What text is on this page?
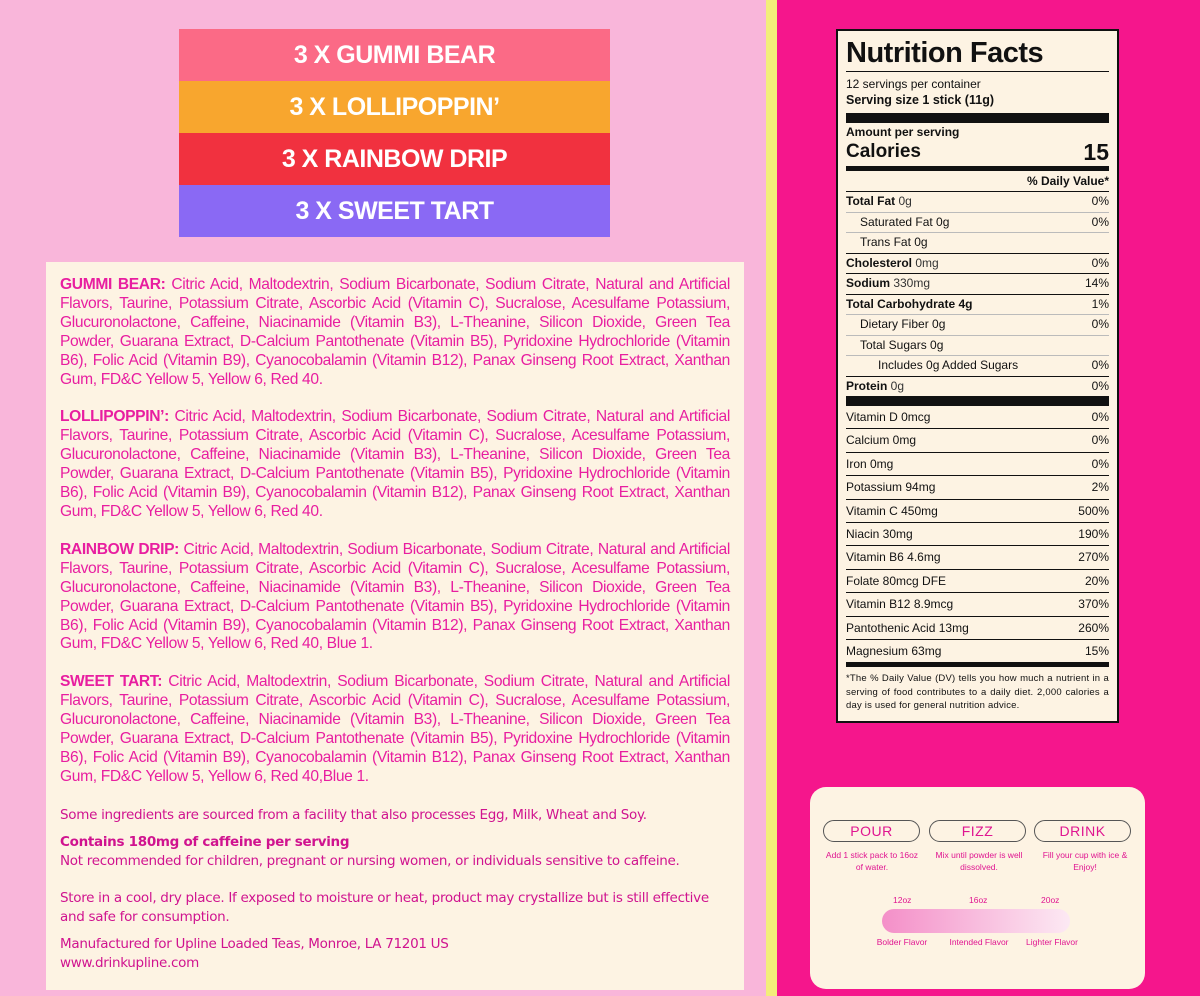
3 X GUMMI BEAR
3 X LOLLIPOPPIN’
3 X RAINBOW DRIP
3 X SWEET TART

GUMMI BEAR: Citric Acid, Maltodextrin, Sodium Bicarbonate, Sodium Citrate, Natural and Artificial Flavors, Taurine, Potassium Citrate, Ascorbic Acid (Vitamin C), Sucralose, Acesulfame Potassium, Glucuronolactone, Caffeine, Niacinamide (Vitamin B3), L-Theanine, Silicon Dioxide, Green Tea Powder, Guarana Extract, D-Calcium Pantothenate (Vitamin B5), Pyridoxine Hydrochloride (Vitamin B6), Folic Acid (Vitamin B9), Cyanocobalamin (Vitamin B12), Panax Ginseng Root Extract, Xanthan Gum, FD&C Yellow 5, Yellow 6, Red 40.

LOLLIPOPPIN’: Citric Acid, Maltodextrin, Sodium Bicarbonate, Sodium Citrate, Natural and Artificial Flavors, Taurine, Potassium Citrate, Ascorbic Acid (Vitamin C), Sucralose, Acesulfame Potassium, Glucuronolactone, Caffeine, Niacinamide (Vitamin B3), L-Theanine, Silicon Dioxide, Green Tea Powder, Guarana Extract, D-Calcium Pantothenate (Vitamin B5), Pyridoxine Hydrochloride (Vitamin B6), Folic Acid (Vitamin B9), Cyanocobalamin (Vitamin B12), Panax Ginseng Root Extract, Xanthan Gum, FD&C Yellow 5, Yellow 6, Red 40.

RAINBOW DRIP: Citric Acid, Maltodextrin, Sodium Bicarbonate, Sodium Citrate, Natural and Artificial Flavors, Taurine, Potassium Citrate, Ascorbic Acid (Vitamin C), Sucralose, Acesulfame Potassium, Glucuronolactone, Caffeine, Niacinamide (Vitamin B3), L-Theanine, Silicon Dioxide, Green Tea Powder, Guarana Extract, D-Calcium Pantothenate (Vitamin B5), Pyridoxine Hydrochloride (Vitamin B6), Folic Acid (Vitamin B9), Cyanocobalamin (Vitamin B12), Panax Ginseng Root Extract, Xanthan Gum, FD&C Yellow 5, Yellow 6, Red 40, Blue 1.

SWEET TART: Citric Acid, Maltodextrin, Sodium Bicarbonate, Sodium Citrate, Natural and Artificial Flavors, Taurine, Potassium Citrate, Ascorbic Acid (Vitamin C), Sucralose, Acesulfame Potassium, Glucuronolactone, Caffeine, Niacinamide (Vitamin B3), L-Theanine, Silicon Dioxide, Green Tea Powder, Guarana Extract, D-Calcium Pantothenate (Vitamin B5), Pyridoxine Hydrochloride (Vitamin B6), Folic Acid (Vitamin B9), Cyanocobalamin (Vitamin B12), Panax Ginseng Root Extract, Xanthan Gum, FD&C Yellow 5, Yellow 6, Red 40,Blue 1.

Some ingredients are sourced from a facility that also processes Egg, Milk, Wheat and Soy.

Contains 180mg of caffeine per serving

Not recommended for children, pregnant or nursing women, or individuals sensitive to caffeine.

Store in a cool, dry place. If exposed to moisture or heat, product may crystallize but is still effective and safe for consumption.

Manufactured for Upline Loaded Teas, Monroe, LA 71201 US

www.drinkupline.com

Nutrition Facts
12 servings per container
Serving size 1 stick (11g)
Amount per serving
Calories	15
% Daily Value*
Total Fat 0g	0%
Saturated Fat 0g	0%
Trans Fat 0g
Cholesterol 0mg	0%
Sodium 330mg	14%
Total Carbohydrate 4g	1%
Dietary Fiber 0g	0%
Total Sugars 0g
Includes 0g Added Sugars	0%
Protein 0g	0%
Vitamin D 0mcg	0%
Calcium 0mg	0%
Iron 0mg	0%
Potassium 94mg	2%
Vitamin C 450mg	500%
Niacin 30mg	190%
Vitamin B6 4.6mg	270%
Folate 80mcg DFE	20%
Vitamin B12 8.9mcg	370%
Pantothenic Acid 13mg	260%
Magnesium 63mg	15%
*The % Daily Value (DV) tells you how much a nutrient in a serving of food contributes to a daily diet. 2,000 calories a day is used for general nutrition advice.
POUR	FIZZ	DRINK
Add 1 stick pack to 16oz of water.
Mix until powder is well dissolved.
Fill your cup with ice & Enjoy!
12oz	16oz	20oz
Bolder Flavor	Intended Flavor	Lighter Flavor
